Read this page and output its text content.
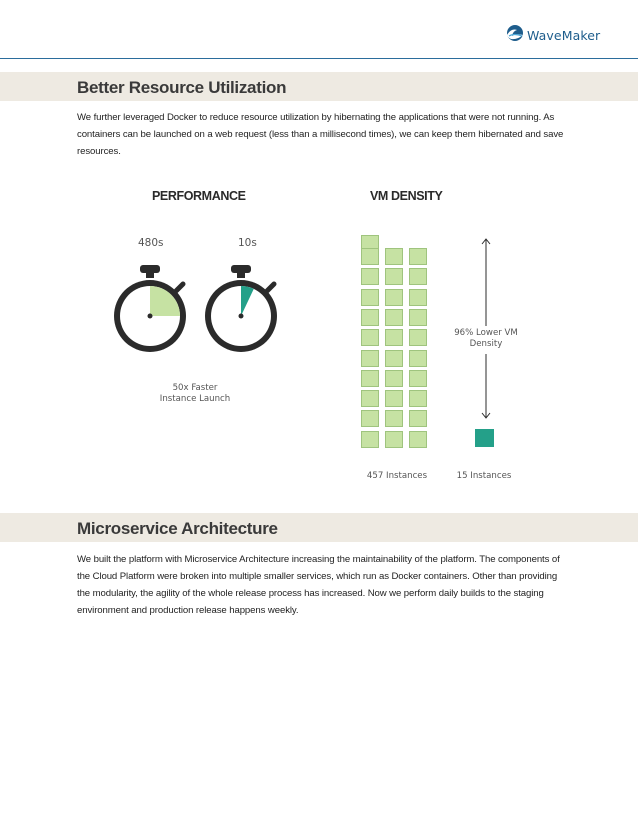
WaveMaker
Better Resource Utilization

We further leveraged Docker to reduce resource utilization by hibernating the applications that were not running. As containers can be launched on a web request (less than a millisecond times), we can keep them hibernated and save resources.

PERFORMANCE
480s	10s
50x Faster
Instance Launch
VM DENSITY
96% Lower VM
Density
457 Instances	15 Instances
Microservice Architecture

We built the platform with Microservice Architecture increasing the maintainability of the platform. The components of the Cloud Platform were broken into multiple smaller services, which run as Docker containers. Other than providing the modularity, the agility of the whole release process has increased. Now we perform daily builds to the staging environment and production release happens weekly.
